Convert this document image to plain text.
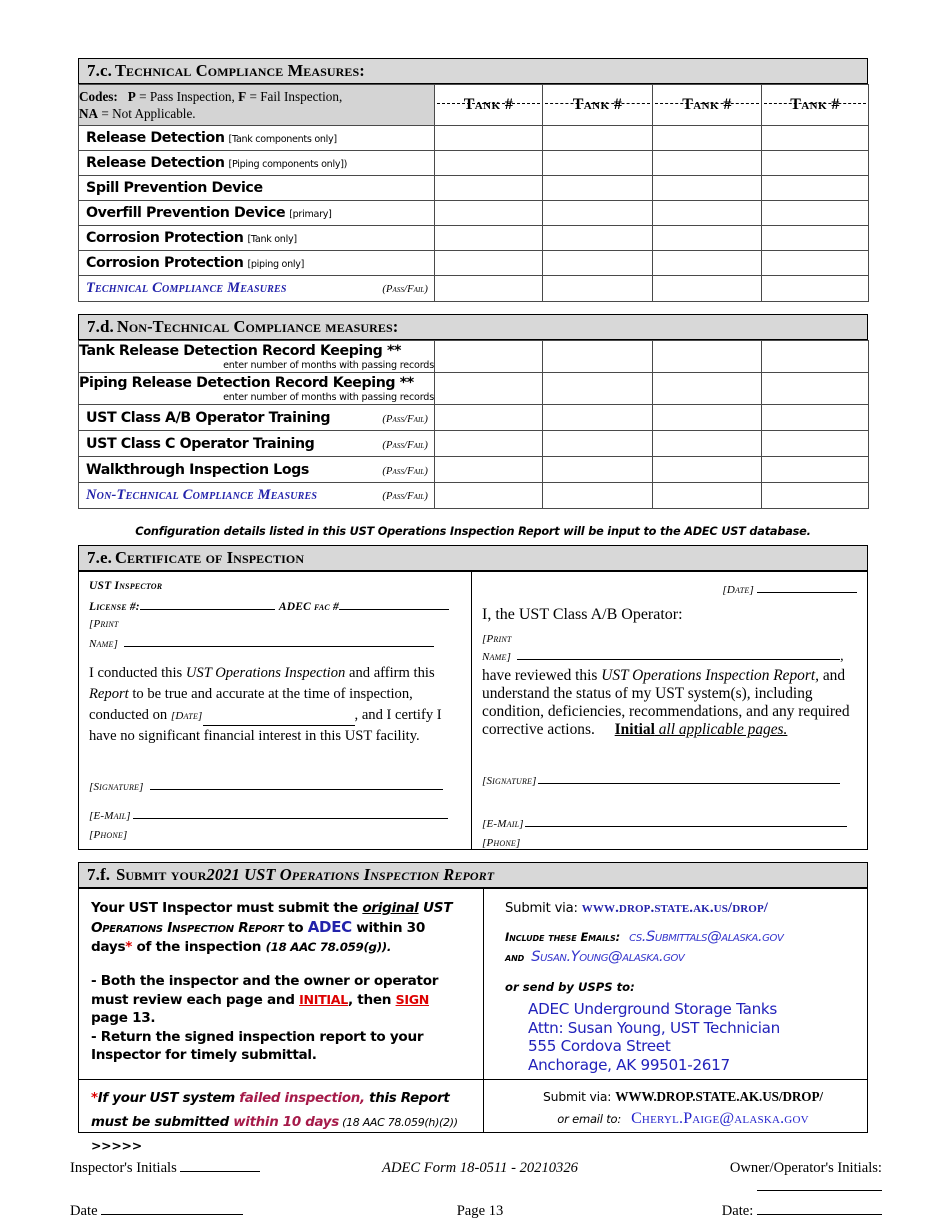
7.c. Technical Compliance Measures:
Codes: P = Pass Inspection, F = Fail Inspection,
NA = Not Applicable.	Tank #	Tank #	Tank #	Tank #

Release Detection [Tank components only]				
Release Detection [Piping components only])				
Spill Prevention Device				
Overfill Prevention Device [primary]				
Corrosion Protection [Tank only]				
Corrosion Protection [piping only]				

Technical Compliance Measures (Pass/Fail)				

7.d. Non-Technical Compliance measures:
Tank Release Detection Record Keeping **
enter number of months with passing records				

Piping Release Detection Record Keeping **
enter number of months with passing records				

UST Class A/B Operator Training (Pass/Fail)				

UST Class C Operator Training (Pass/Fail)				

Walkthrough Inspection Logs (Pass/Fail)				

Non-Technical Compliance Measures (Pass/Fail)				

Configuration details listed in this UST Operations Inspection Report will be input to the ADEC UST database.
7.e. Certificate of Inspection
UST Inspector
License #:	ADEC fac #
[Print
Name]
I conducted this UST Operations Inspection and affirm this Report to be true and accurate at the time of inspection, conducted on [Date]	, and I certify I have no significant financial interest in this UST facility.
[Signature]
[E-Mail]
[Phone]
[Date]
I, the UST Class A/B Operator:
[Print
Name]	,
have reviewed this UST Operations Inspection Report, and understand the status of my UST system(s), including condition, deficiencies, recommendations, and any required corrective actions. Initial all applicable pages.
[Signature]
[E-Mail]
[Phone]
7.f. Submit your 2021 UST Operations Inspection Report
Your UST Inspector must submit the original UST Operations Inspection Report to ADEC within 30 days* of the inspection (18 AAC 78.059(g)).
- Both the inspector and the owner or operator must review each page and INITIAL, then SIGN page 13.
- Return the signed inspection report to your Inspector for timely submittal.
Submit via: www.drop.state.ak.us/drop/
Include these Emails: cs.Submittals@alaska.gov
and Susan.Young@alaska.gov
or send by USPS to:
ADEC Underground Storage Tanks
Attn: Susan Young, UST Technician
555 Cordova Street
Anchorage, AK 99501-2617
*If your UST system failed inspection, this Report must be submitted within 10 days (18 AAC 78.059(h)(2)) >>>>>
Submit via: WWW.DROP.STATE.AK.US/DROP/
or email to: Cheryl.Paige@alaska.gov
Inspector's Initials	ADEC Form 18-0511 - 20210326	Owner/Operator's Initials:
Date	Page 13	Date:
